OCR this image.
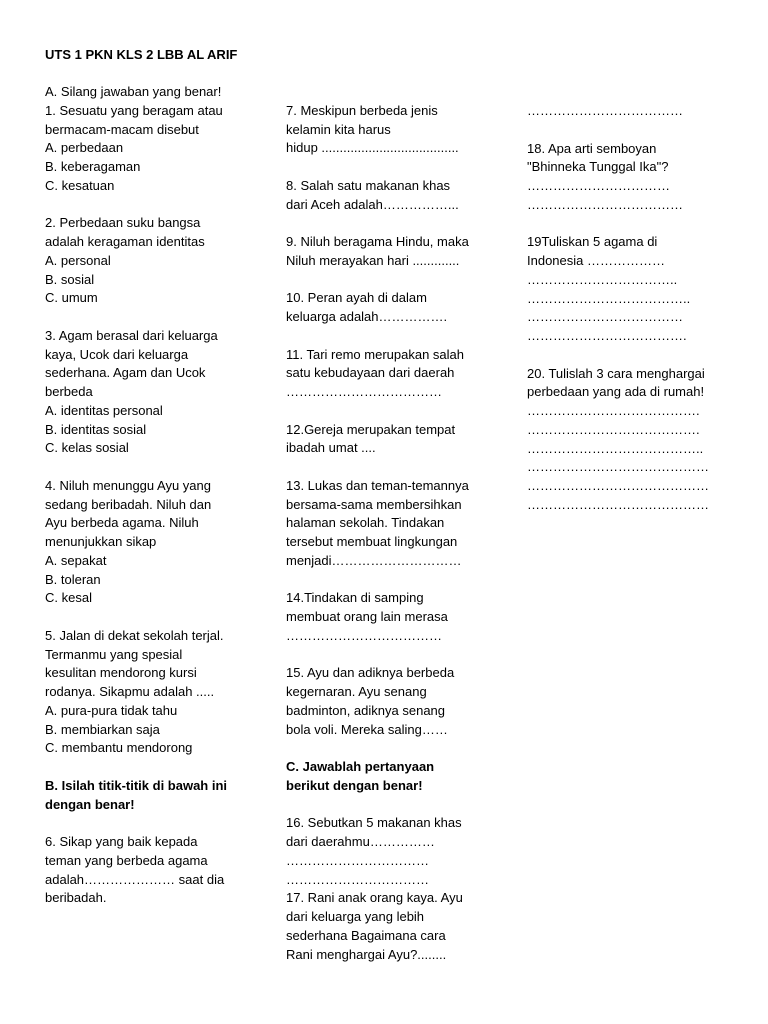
UTS 1 PKN KLS 2 LBB AL ARIF
A. Silang jawaban yang benar!
1. Sesuatu yang beragam atau
bermacam-macam disebut
A. perbedaan
B. keberagaman
C. kesatuan
2. Perbedaan suku bangsa
adalah keragaman identitas
A. personal
B. sosial
C. umum
3. Agam berasal dari keluarga
kaya, Ucok dari keluarga
sederhana. Agam dan Ucok
berbeda
A. identitas personal
B. identitas sosial
C. kelas sosial
4. Niluh menunggu Ayu yang
sedang beribadah. Niluh dan
Ayu berbeda agama. Niluh
menunjukkan sikap
A. sepakat
B. toleran
C. kesal
5. Jalan di dekat sekolah terjal.
Termanmu yang spesial
kesulitan mendorong kursi
rodanya. Sikapmu adalah .....
A. pura-pura tidak tahu
B. membiarkan saja
C. membantu mendorong
B. Isilah titik-titik di bawah ini
dengan benar!
6. Sikap yang baik kepada
teman yang berbeda agama
adalah………………… saat dia
beribadah.
7. Meskipun berbeda jenis
kelamin kita harus
hidup ......................................
8. Salah satu makanan khas
dari Aceh adalah……………...
9. Niluh beragama Hindu, maka
Niluh merayakan hari .............
10. Peran ayah di dalam
keluarga adalah…………….
11. Tari remo merupakan salah
satu kebudayaan dari daerah
………………………………
12.Gereja merupakan tempat
ibadah umat ....
13. Lukas dan teman-temannya
bersama-sama membersihkan
halaman sekolah. Tindakan
tersebut membuat lingkungan
menjadi…………………………
14.Tindakan di samping
membuat orang lain merasa
………………………………
15. Ayu dan adiknya berbeda
kegernaran. Ayu senang
badminton, adiknya senang
bola voli. Mereka saling……
C. Jawablah pertanyaan
berikut dengan benar!
16. Sebutkan 5 makanan khas
dari daerahmu……………
……………………………
……………………………
17. Rani anak orang kaya. Ayu
dari keluarga yang lebih
sederhana Bagaimana cara
Rani menghargai Ayu?........
………………………………
18. Apa arti semboyan
"Bhinneka Tunggal Ika"?
……………………………
………………………………
19Tuliskan 5 agama di
Indonesia ………………
……………………………..
………………………………..
………………………………
……………………………….
20. Tulislah 3 cara menghargai
perbedaan yang ada di rumah!
………………………………….
………………………………….
…………………………………..
……………………………………
……………………………………
……………………………………
